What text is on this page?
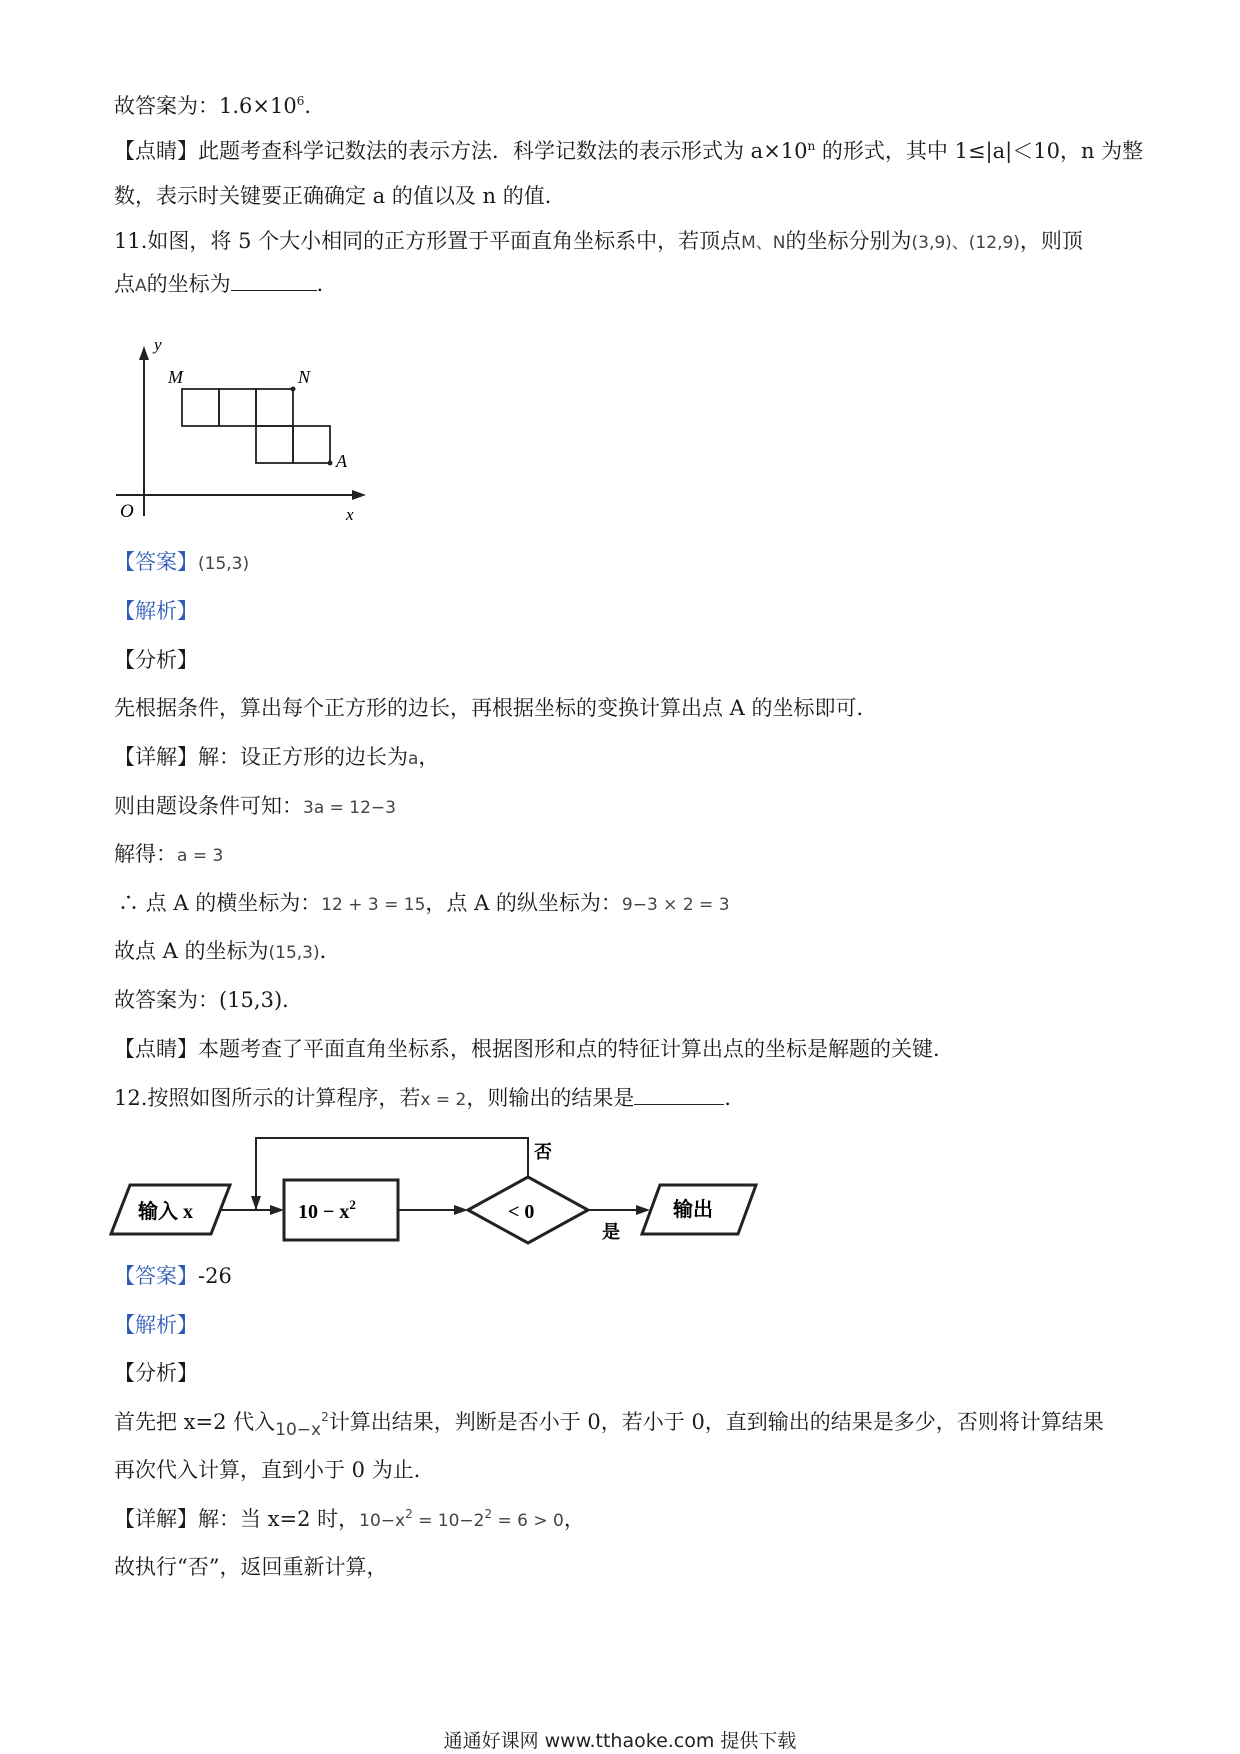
故答案为：$1.6\times 10^6$．
【点睛】此题考查科学记数法的表示方法．科学记数法的表示形式为 $a\times 10^n$ 的形式，其中 1≤|a|＜10，n 为整
数，表示时关键要正确确定 a 的值以及 n 的值．
11.如图，将 5 个大小相同的正方形置于平面直角坐标系中，若顶点M、N的坐标分别为(3,9)、(12,9)，则顶
点A的坐标为	．
y
x
O
M	N
A
【答案】(15,3)
【解析】
【分析】
先根据条件，算出每个正方形的边长，再根据坐标的变换计算出点 A 的坐标即可．
【详解】解：设正方形的边长为a，
则由题设条件可知：3a = 12−3
解得：a = 3
∴ 点 A 的横坐标为：12 + 3 = 15，点 A 的纵坐标为：9−3 × 2 = 3
故点 A 的坐标为(15,3)．
故答案为：(15,3)．
【点睛】本题考查了平面直角坐标系，根据图形和点的特征计算出点的坐标是解题的关键．
12.按照如图所示的计算程序，若x = 2，则输出的结果是	．
输入 x	$10 - x^2$	< 0
否
是
输出
【答案】-26
【解析】
【分析】
首先把 x=2 代入$_{10-x}^2$计算出结果，判断是否小于 0，若小于 0，直到输出的结果是多少，否则将计算结果
再次代入计算，直到小于 0 为止．
【详解】解：当 x=2 时，$10-x^2 = 10-2^2 = 6 > 0$，
故执行“否”，返回重新计算，
通通好课网 www.tthaoke.com 提供下载
